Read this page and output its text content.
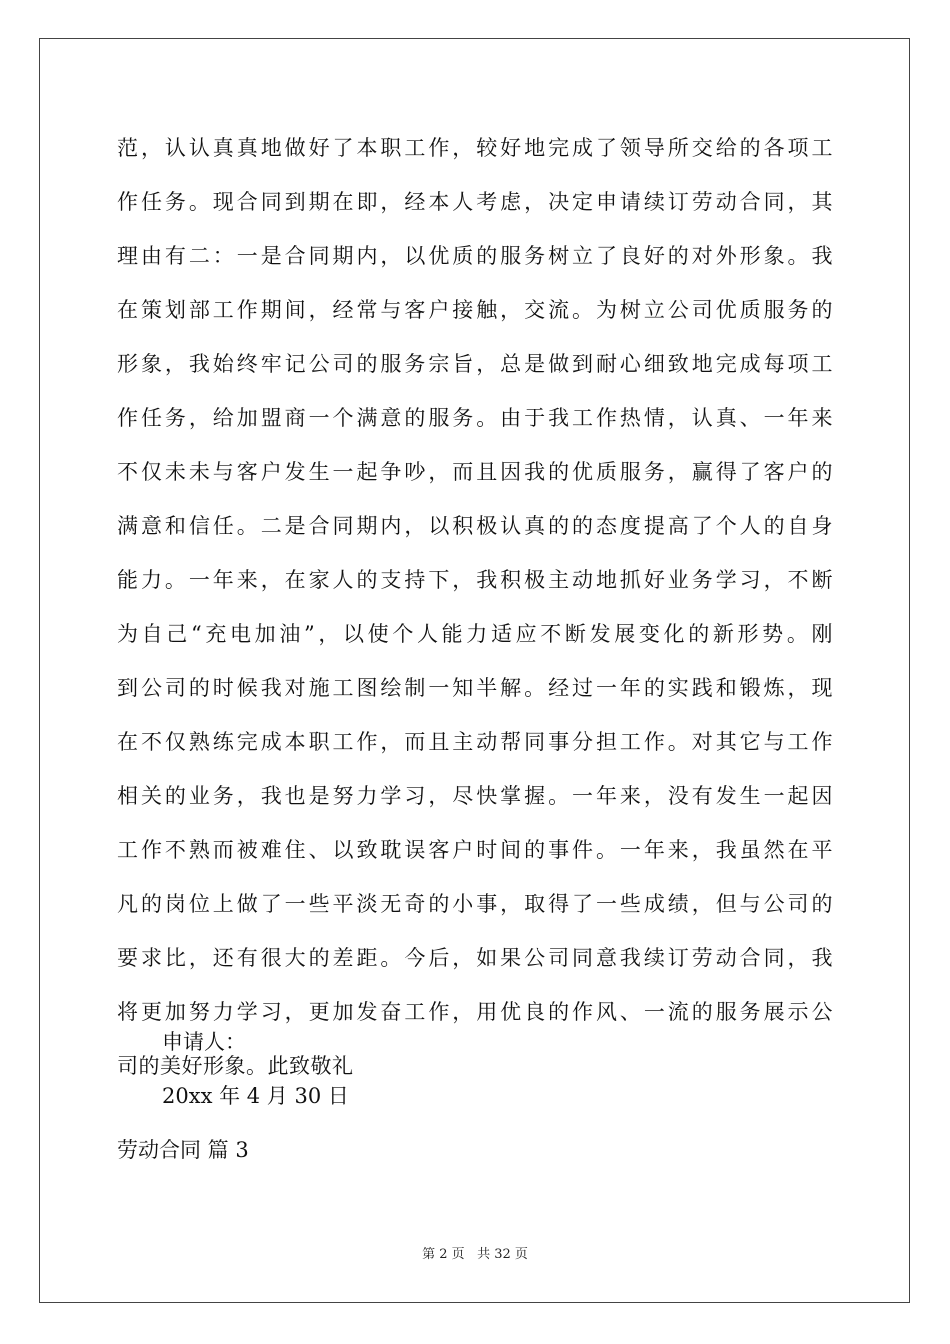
范，认认真真地做好了本职工作，较好地完成了领导所交给的各项工
作任务。现合同到期在即，经本人考虑，决定申请续订劳动合同，其
理由有二：一是合同期内，以优质的服务树立了良好的对外形象。我
在策划部工作期间，经常与客户接触，交流。为树立公司优质服务的
形象，我始终牢记公司的服务宗旨，总是做到耐心细致地完成每项工
作任务，给加盟商一个满意的服务。由于我工作热情，认真、一年来
不仅未未与客户发生一起争吵，而且因我的优质服务，赢得了客户的
满意和信任。二是合同期内，以积极认真的的态度提高了个人的自身
能力。一年来，在家人的支持下，我积极主动地抓好业务学习，不断
为自己“充电加油”，以使个人能力适应不断发展变化的新形势。刚
到公司的时候我对施工图绘制一知半解。经过一年的实践和锻炼，现
在不仅熟练完成本职工作，而且主动帮同事分担工作。对其它与工作
相关的业务，我也是努力学习，尽快掌握。一年来，没有发生一起因
工作不熟而被难住、以致耽误客户时间的事件。一年来，我虽然在平
凡的岗位上做了一些平淡无奇的小事，取得了一些成绩，但与公司的
要求比，还有很大的差距。今后，如果公司同意我续订劳动合同，我
将更加努力学习，更加发奋工作，用优良的作风、一流的服务展示公
司的美好形象。此致敬礼
申请人：
20xx 年 4 月 30 日
劳动合同 篇 3
第 2 页 共 32 页
